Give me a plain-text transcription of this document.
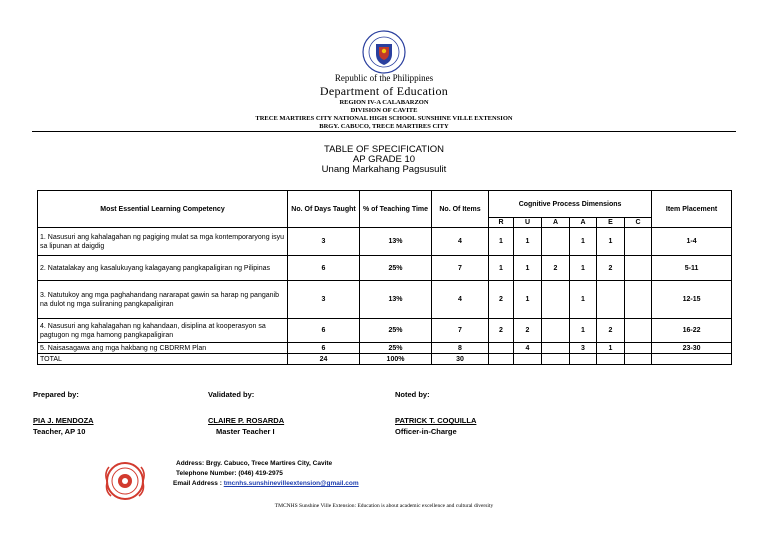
Republic of the Philippines
Department of Education
REGION IV-A CALABARZON
DIVISION OF CAVITE
TRECE MARTIRES CITY NATIONAL HIGH SCHOOL SUNSHINE VILLE EXTENSION
BRGY. CABUCO, TRECE MARTIRES CITY
TABLE OF SPECIFICATION
AP GRADE 10
Unang Markahang Pagsusulit
Most Essential Learning Competency	No. Of Days Taught	% of Teaching Time	No. Of Items	Cognitive Process Dimensions						Item Placement
				R	U	A	A	E	C	
1. Nasusuri ang kahalagahan ng pagiging mulat sa mga kontemporaryong isyu sa lipunan at daigdig	3	13%	4	1	1		1	1		1-4
2. Natatalakay ang kasalukuyang kalagayang pangkapaligiran ng Pilipinas	6	25%	7	1	1	2	1	2		5-11
3. Natutukoy ang mga paghahandang nararapat gawin sa harap ng panganib na dulot ng mga suliraning pangkapaligiran	3	13%	4	2	1		1			12-15
4. Nasusuri ang kahalagahan ng kahandaan, disiplina at kooperasyon sa pagtugon ng mga hamong pangkapaligiran	6	25%	7	2	2		1	2		16-22
5. Naisasagawa ang mga hakbang ng CBDRRM Plan	6	25%	8		4		3	1		23-30
TOTAL	24	100%	30							
Prepared by:	Validated by:	Noted by:
PIA J. MENDOZA
Teacher, AP 10
CLAIRE P. ROSARDA
Master Teacher I
PATRICK T. COQUILLA
Officer-in-Charge
Address: Brgy. Cabuco, Trece Martires City, Cavite
Telephone Number: (046) 419-2975
Email Address : tmcnhs.sunshinevilleextension@gmail.com
TMCNHS Sunshine Ville Extension: Education is about academic excellence and cultural diversity
